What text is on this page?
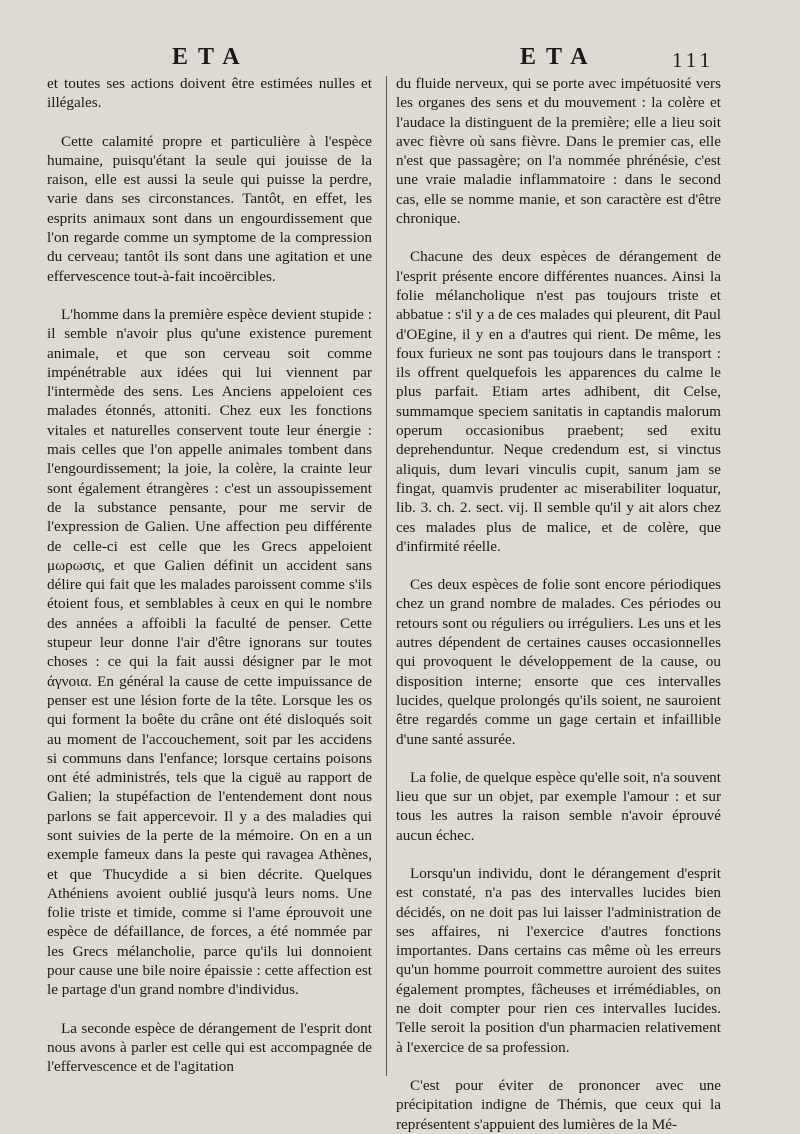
ETA	ETA	111

et toutes ses actions doivent être estimées nulles et illégales.

Cette calamité propre et particulière à l'espèce humaine, puisqu'étant la seule qui jouisse de la raison, elle est aussi la seule qui puisse la perdre, varie dans ses circonstances. Tantôt, en effet, les esprits animaux sont dans un engourdissement que l'on regarde comme un symptome de la compression du cerveau; tantôt ils sont dans une agitation et une effervescence tout-à-fait incoërcibles.

L'homme dans la première espèce devient stupide : il semble n'avoir plus qu'une existence purement animale, et que son cerveau soit comme impénétrable aux idées qui lui viennent par l'intermède des sens. Les Anciens appeloient ces malades étonnés, attoniti. Chez eux les fonctions vitales et naturelles conservent toute leur énergie : mais celles que l'on appelle animales tombent dans l'engourdissement; la joie, la colère, la crainte leur sont également étrangères : c'est un assoupissement de la substance pensante, pour me servir de l'expression de Galien. Une affection peu différente de celle-ci est celle que les Grecs appeloient μωρωσις, et que Galien définit un accident sans délire qui fait que les malades paroissent comme s'ils étoient fous, et semblables à ceux en qui le nombre des années a affoibli la faculté de penser. Cette stupeur leur donne l'air d'être ignorans sur toutes choses : ce qui la fait aussi désigner par le mot άγνοια. En général la cause de cette impuissance de penser est une lésion forte de la tête. Lorsque les os qui forment la boête du crâne ont été disloqués soit au moment de l'accouchement, soit par les accidens si communs dans l'enfance; lorsque certains poisons ont été administrés, tels que la ciguë au rapport de Galien; la stupéfaction de l'entendement dont nous parlons se fait appercevoir. Il y a des maladies qui sont suivies de la perte de la mémoire. On en a un exemple fameux dans la peste qui ravagea Athènes, et que Thucydide a si bien décrite. Quelques Athéniens avoient oublié jusqu'à leurs noms. Une folie triste et timide, comme si l'ame éprouvoit une espèce de défaillance, de forces, a été nommée par les Grecs mélancholie, parce qu'ils lui donnoient pour cause une bile noire épaissie : cette affection est le partage d'un grand nombre d'individus.

La seconde espèce de dérangement de l'esprit dont nous avons à parler est celle qui est accompagnée de l'effervescence et de l'agitation

du fluide nerveux, qui se porte avec impétuosité vers les organes des sens et du mouvement : la colère et l'audace la distinguent de la première; elle a lieu soit avec fièvre où sans fièvre. Dans le premier cas, elle n'est que passagère; on l'a nommée phrénésie, c'est une vraie maladie inflammatoire : dans le second cas, elle se nomme manie, et son caractère est d'être chronique.

Chacune des deux espèces de dérangement de l'esprit présente encore différentes nuances. Ainsi la folie mélancholique n'est pas toujours triste et abbatue : s'il y a de ces malades qui pleurent, dit Paul d'OEgine, il y en a d'autres qui rient. De même, les foux furieux ne sont pas toujours dans le transport : ils offrent quelquefois les apparences du calme le plus parfait. Etiam artes adhibent, dit Celse, summamque speciem sanitatis in captandis malorum operum occasionibus praebent; sed exitu deprehenduntur. Neque credendum est, si vinctus aliquis, dum levari vinculis cupit, sanum jam se fingat, quamvis prudenter ac miserabiliter loquatur, lib. 3. ch. 2. sect. vij. Il semble qu'il y ait alors chez ces malades plus de malice, et de colère, que d'infirmité réelle.

Ces deux espèces de folie sont encore périodiques chez un grand nombre de malades. Ces périodes ou retours sont ou réguliers ou irréguliers. Les uns et les autres dépendent de certaines causes occasionnelles qui provoquent le développement de la cause, ou disposition interne; ensorte que ces intervalles lucides, quelque prolongés qu'ils soient, ne sauroient être regardés comme un gage certain et infaillible d'une santé assurée.

La folie, de quelque espèce qu'elle soit, n'a souvent lieu que sur un objet, par exemple l'amour : et sur tous les autres la raison semble n'avoir éprouvé aucun échec.

Lorsqu'un individu, dont le dérangement d'esprit est constaté, n'a pas des intervalles lucides bien décidés, on ne doit pas lui laisser l'administration de ses affaires, ni l'exercice d'autres fonctions importantes. Dans certains cas même où les erreurs qu'un homme pourroit commettre auroient des suites également promptes, fâcheuses et irrémédiables, on ne doit compter pour rien ces intervalles lucides. Telle seroit la position d'un pharmacien relativement à l'exercice de sa profession.

C'est pour éviter de prononcer avec une précipitation indigne de Thémis, que ceux qui la représentent s'appuient des lumières de la Mé-
